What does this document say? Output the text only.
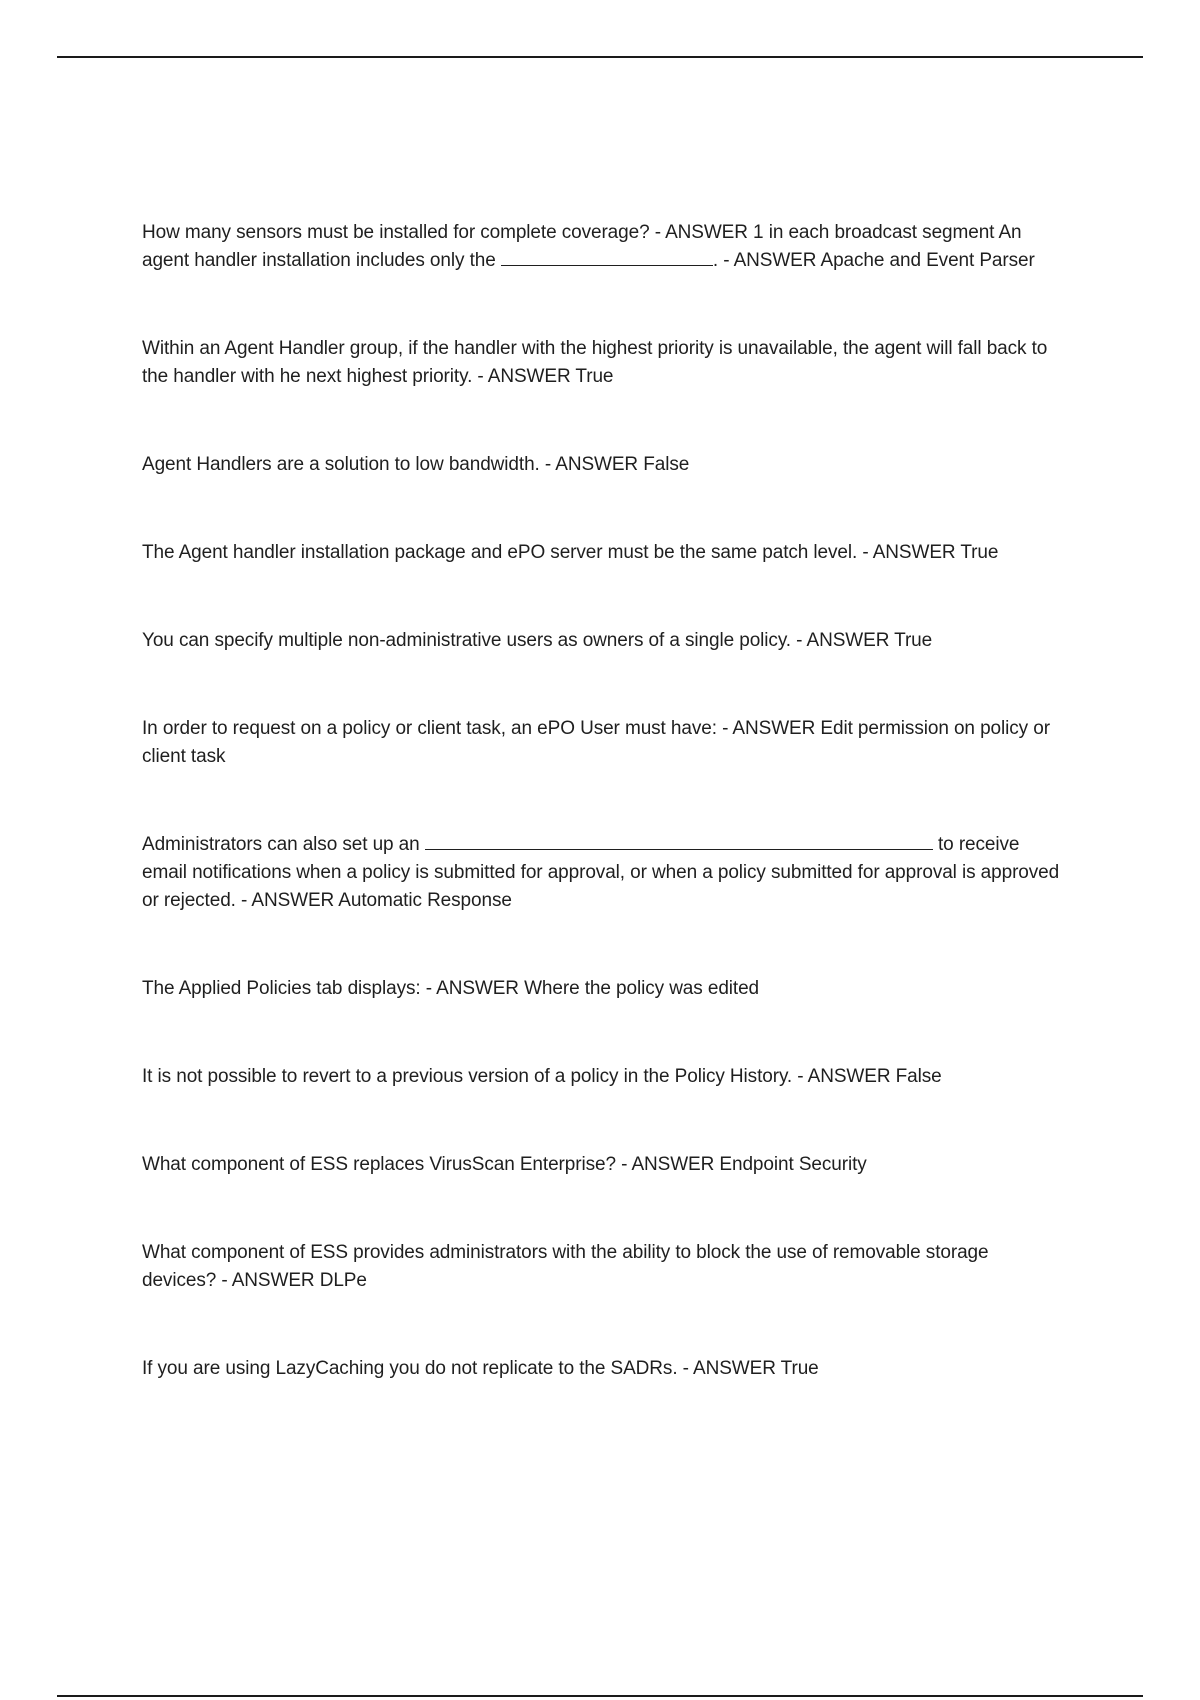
How many sensors must be installed for complete coverage? - ANSWER 1 in each broadcast segment An agent handler installation includes only the	. - ANSWER Apache and Event Parser

Within an Agent Handler group, if the handler with the highest priority is unavailable, the agent will fall back to the handler with he next highest priority. - ANSWER True

Agent Handlers are a solution to low bandwidth. - ANSWER False

The Agent handler installation package and ePO server must be the same patch level. - ANSWER True

You can specify multiple non-administrative users as owners of a single policy. - ANSWER True

In order to request on a policy or client task, an ePO User must have: - ANSWER Edit permission on policy or client task

Administrators can also set up an	to receive email notifications when a policy is submitted for approval, or when a policy submitted for approval is approved or rejected. - ANSWER Automatic Response

The Applied Policies tab displays: - ANSWER Where the policy was edited

It is not possible to revert to a previous version of a policy in the Policy History. - ANSWER False

What component of ESS replaces VirusScan Enterprise? - ANSWER Endpoint Security

What component of ESS provides administrators with the ability to block the use of removable storage devices? - ANSWER DLPe

If you are using LazyCaching you do not replicate to the SADRs. - ANSWER True
